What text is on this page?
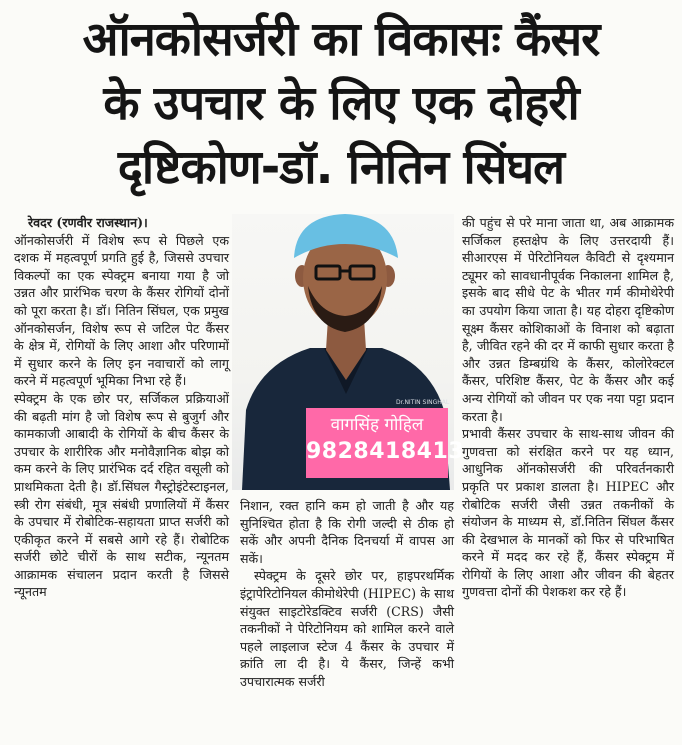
ऑनकोसर्जरी का विकासः कैंसर
के उपचार के लिए एक दोहरी
दृष्टिकोण-डॉ. नितिन सिंघल

रेवदर (रणवीर राजस्थान)।

ऑनकोसर्जरी में विशेष रूप से पिछले एक दशक में महत्वपूर्ण प्रगति हुई है, जिससे उपचार विकल्पों का एक स्पेक्ट्रम बनाया गया है जो उन्नत और प्रारंभिक चरण के कैंसर रोगियों दोनों को पूरा करता है। डॉ। नितिन सिंघल, एक प्रमुख ऑनकोसर्जन, विशेष रूप से जटिल पेट कैंसर के क्षेत्र में, रोगियों के लिए आशा और परिणामों में सुधार करने के लिए इन नवाचारों को लागू करने में महत्वपूर्ण भूमिका निभा रहे हैं।

स्पेक्ट्रम के एक छोर पर, सर्जिकल प्रक्रियाओं की बढ़ती मांग है जो विशेष रूप से बुजुर्ग और कामकाजी आबादी के रोगियों के बीच कैंसर के उपचार के शारीरिक और मनोवैज्ञानिक बोझ को कम करने के लिए प्रारंभिक दर्द रहित वसूली को प्राथमिकता देती है। डॉ.सिंघल गैस्ट्रोइंटेस्टाइनल, स्त्री रोग संबंधी, मूत्र संबंधी प्रणालियों में कैंसर के उपचार में रोबोटिक-सहायता प्राप्त सर्जरी को एकीकृत करने में सबसे आगे रहे हैं। रोबोटिक सर्जरी छोटे चीरों के साथ सटीक, न्यूनतम आक्रामक संचालन प्रदान करती है जिससे न्यूनतम

Dr.NITIN SINGHAL
वागसिंह गोहिल
9828418413

निशान, रक्त हानि कम हो जाती है और यह सुनिश्चित होता है कि रोगी जल्दी से ठीक हो सकें और अपनी दैनिक दिनचर्या में वापस आ सकें।

स्पेक्ट्रम के दूसरे छोर पर, हाइपरथर्मिक इंट्रापेरिटोनियल कीमोथेरेपी (HIPEC) के साथ संयुक्त साइटोरेडक्टिव सर्जरी (CRS) जैसी तकनीकों ने पेरिटोनियम को शामिल करने वाले पहले लाइलाज स्टेज 4 कैंसर के उपचार में क्रांति ला दी है। ये कैंसर, जिन्हें कभी उपचारात्मक सर्जरी

की पहुंच से परे माना जाता था, अब आक्रामक सर्जिकल हस्तक्षेप के लिए उत्तरदायी हैं। सीआरएस में पेरिटोनियल कैविटी से दृश्यमान ट्यूमर को सावधानीपूर्वक निकालना शामिल है, इसके बाद सीधे पेट के भीतर गर्म कीमोथेरेपी का उपयोग किया जाता है। यह दोहरा दृष्टिकोण सूक्ष्म कैंसर कोशिकाओं के विनाश को बढ़ाता है, जीवित रहने की दर में काफी सुधार करता है और उन्नत डिम्बग्रंथि के कैंसर, कोलोरेक्टल कैंसर, परिशिष्ट कैंसर, पेट के कैंसर और कई अन्य रोगियों को जीवन पर एक नया पट्टा प्रदान करता है।

प्रभावी कैंसर उपचार के साथ-साथ जीवन की गुणवत्ता को संरक्षित करने पर यह ध्यान, आधुनिक ऑनकोसर्जरी की परिवर्तनकारी प्रकृति पर प्रकाश डालता है। HIPEC और रोबोटिक सर्जरी जैसी उन्नत तकनीकों के संयोजन के माध्यम से, डॉ.नितिन सिंघल कैंसर की देखभाल के मानकों को फिर से परिभाषित करने में मदद कर रहे हैं, कैंसर स्पेक्ट्रम में रोगियों के लिए आशा और जीवन की बेहतर गुणवत्ता दोनों की पेशकश कर रहे हैं।
